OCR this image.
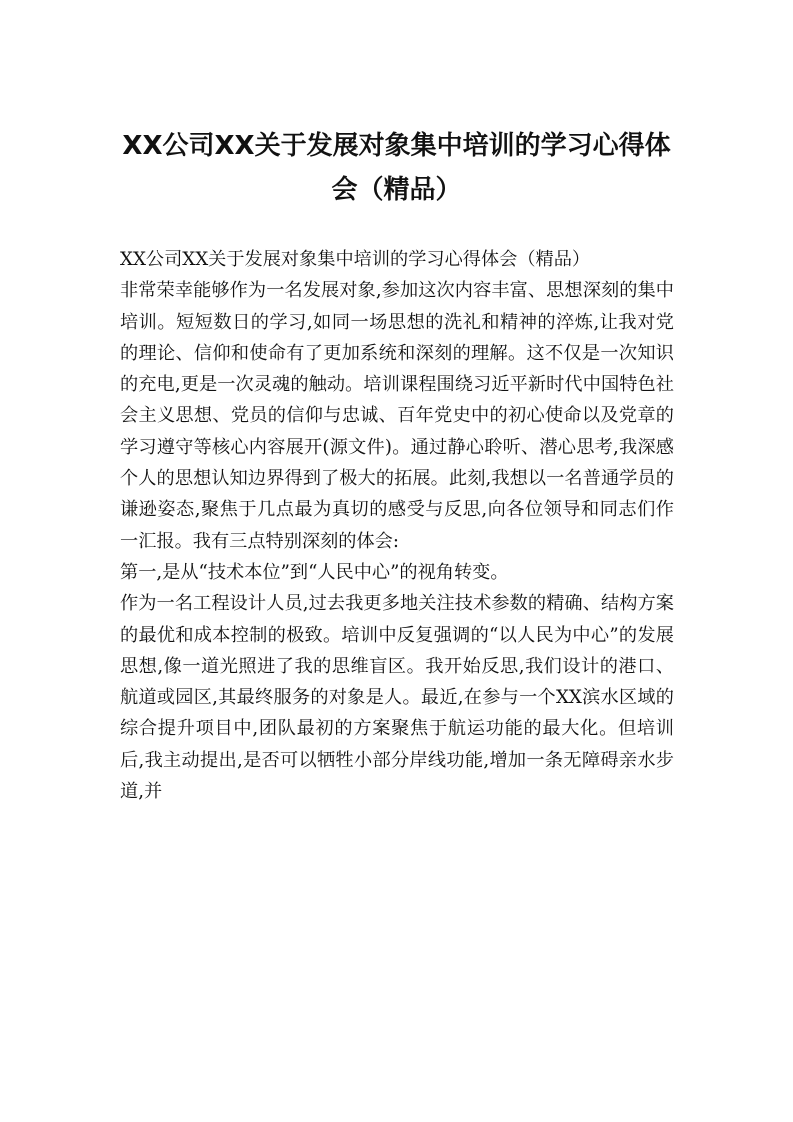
XX公司XX关于发展对象集中培训的学习心得体会（精品）

XX公司XX关于发展对象集中培训的学习心得体会（精品）

非常荣幸能够作为一名发展对象,参加这次内容丰富、思想深刻的集中培训。短短数日的学习,如同一场思想的洗礼和精神的淬炼,让我对党的理论、信仰和使命有了更加系统和深刻的理解。这不仅是一次知识的充电,更是一次灵魂的触动。培训课程围绕习近平新时代中国特色社会主义思想、党员的信仰与忠诚、百年党史中的初心使命以及党章的学习遵守等核心内容展开(源文件)。通过静心聆听、潜心思考,我深感个人的思想认知边界得到了极大的拓展。此刻,我想以一名普通学员的谦逊姿态,聚焦于几点最为真切的感受与反思,向各位领导和同志们作一汇报。我有三点特别深刻的体会:

第一,是从“技术本位”到“人民中心”的视角转变。

作为一名工程设计人员,过去我更多地关注技术参数的精确、结构方案的最优和成本控制的极致。培训中反复强调的“以人民为中心”的发展思想,像一道光照进了我的思维盲区。我开始反思,我们设计的港口、航道或园区,其最终服务的对象是人。最近,在参与一个XX滨水区域的综合提升项目中,团队最初的方案聚焦于航运功能的最大化。但培训后,我主动提出,是否可以牺牲小部分岸线功能,增加一条无障碍亲水步道,并
